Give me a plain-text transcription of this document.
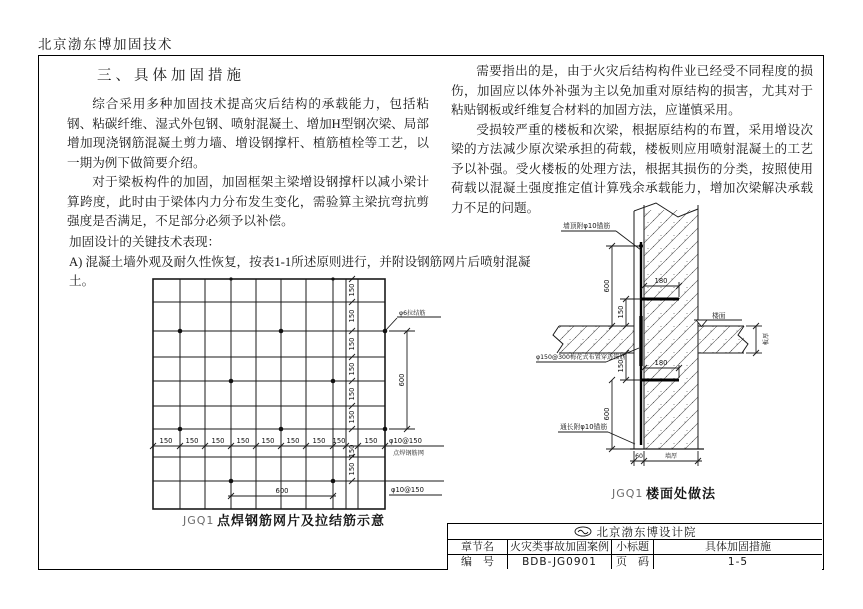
北京渤东博加固技术
三、具体加固措施

综合采用多种加固技术提高灾后结构的承载能力，包括粘钢、粘碳纤维、湿式外包钢、喷射混凝土、增加H型钢次梁、局部增加现浇钢筋混凝土剪力墙、增设钢撑杆、植筋植栓等工艺，以一期为例下做简要介绍。

对于梁板构件的加固，加固框架主梁增设钢撑杆以减小梁计算跨度，此时由于梁体内力分布发生变化，需验算主梁抗弯抗剪强度是否满足，不足部分必须予以补偿。

需要指出的是，由于火灾后结构构件业已经受不同程度的损伤，加固应以体外补强为主以免加重对原结构的损害，尤其对于粘贴钢板或纤维复合材料的加固方法，应谨慎采用。

受损较严重的楼板和次梁，根据原结构的布置，采用增设次梁的方法减少原次梁承担的荷载，楼板则应用喷射混凝土的工艺予以补强。受火楼板的处理方法，根据其损伤的分类，按照使用荷载以混凝土强度推定值计算残余承载能力，增加次梁解决承载力不足的问题。

加固设计的关键技术表现：
A) 混凝土墙外观及耐久性恢复，按表1-1所述原则进行，并附设钢筋网片后喷射混凝土。
150 150 150 150 150 150 150 150	150
150
150
150
150
150
150
150
150
φ6拉结筋
600
φ10@150
点焊钢筋网
φ10@150
600
JGQ1 点焊钢筋网片及拉结筋示意
180
180
600
150
150
600
楼面
板厚
60	墙厚
墙顶附φ10锚筋
φ150@300梅花式布置穿透锚筋
通长附φ10锚筋
JGQ1 楼面处做法
北京渤东博设计院
章节名	火灾类事故加固案例 小标题	具体加固措施
编　号	BDB-JG0901	页　码	1-5
